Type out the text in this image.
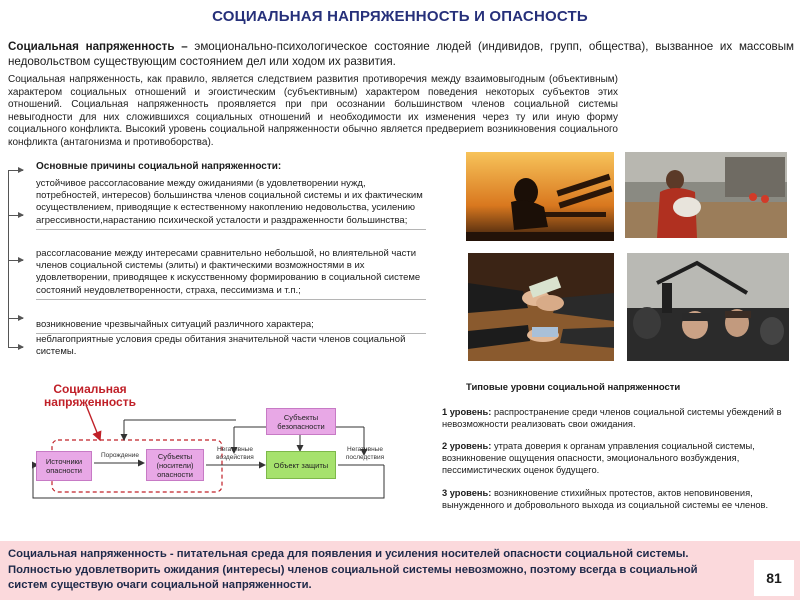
СОЦИАЛЬНАЯ НАПРЯЖЕННОСТЬ И ОПАСНОСТЬ
Социальная напряженность – эмоционально-психологическое состояние людей (индивидов, групп, общества), вызванное их массовым недовольством существующим состоянием дел или ходом их развития.
Социальная напряженность, как правило, является следствием развития противоречия между взаимовыгодным (объективным) характером социальных отношений и эгоистическим (субъективным) характером поведения некоторых субъектов этих отношений. Социальная напряженность проявляется при при осознании большинством членов социальной системы невыгодности для них сложившихся социальных отношений и необходимости их изменения через ту или иную форму социального конфликта. Высокий уровень социальной напряженности обычно является предвериem возникновения социального конфликта (антагонизма и противоборства).
Основные причины социальной напряженности:
устойчивое рассогласование между ожиданиями (в удовлетворении нужд, потребностей, интересов) большинства членов социальной системы и их фактическим осуществлением, приводящие к естественному накоплению недовольства, усилению агрессивности,нарастанию психической усталости и раздраженности большинства;
рассогласование между интересами сравнительно небольшой, но влиятельной части членов социальной системы (элиты) и фактическими возможностями в их удовлетворении, приводящее к искусственному формированию в социальной системе состояний неудовлетворенности, страха, пессимизма и т.п.;
возникновение чрезвычайных ситуаций различного характера;
неблагоприятные условия среды обитания значительной части членов социальной системы.
Социальная напряженность
Источники опасности
Субъекты (носители) опасности
Субъекты безопасности
Объект защиты
Порождение
Негативные воздействия
Негативные последствия
Типовые уровни социальной напряженности
1 уровень: распространение среди членов социальной системы убеждений в невозможности реализовать свои ожидания.
2 уровень: утрата доверия к органам управления социальной системы, возникновение ощущения опасности, эмоционального возбуждения, пессимистических оценок будущего.
3 уровень: возникновение стихийных протестов, актов неповиновения, вынужденного и добровольного выхода из социальной системы ее членов.
Социальная напряженность - питательная среда для появления и усиления носителей опасности социальной системы. Полностью удовлетворить ожидания (интересы) членов социальной системы невозможно, поэтому всегда в социальной систем существую очаги социальной напряженности.	81
